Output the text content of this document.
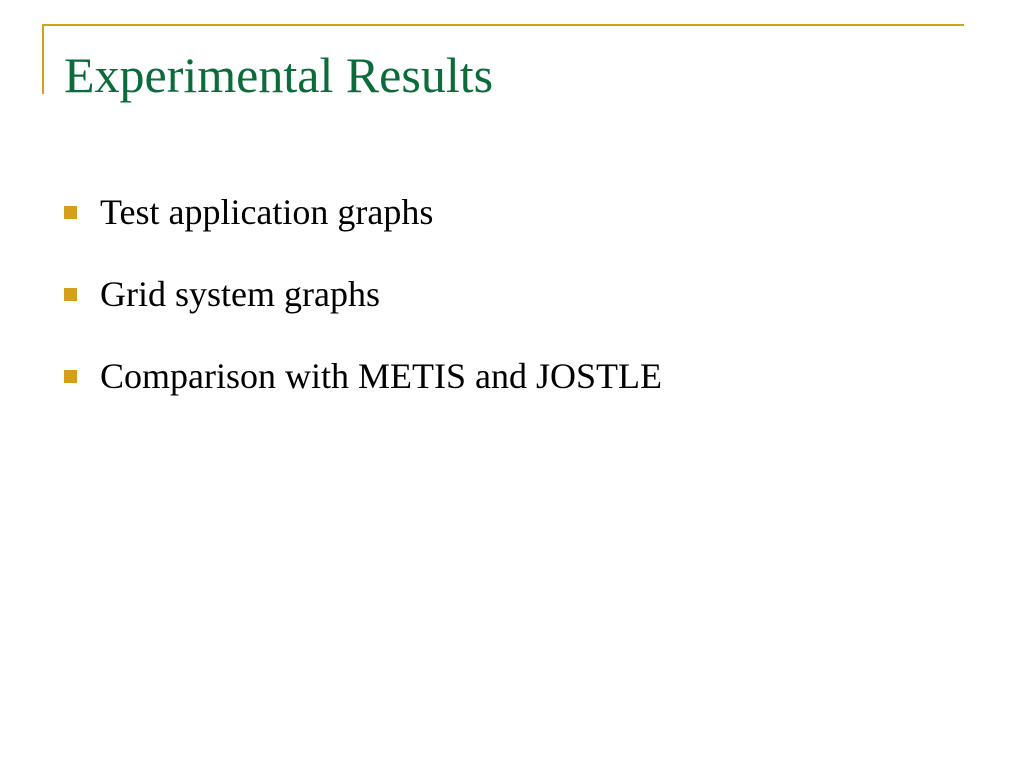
Experimental Results
Test application graphs
Grid system graphs
Comparison with METIS and JOSTLE
